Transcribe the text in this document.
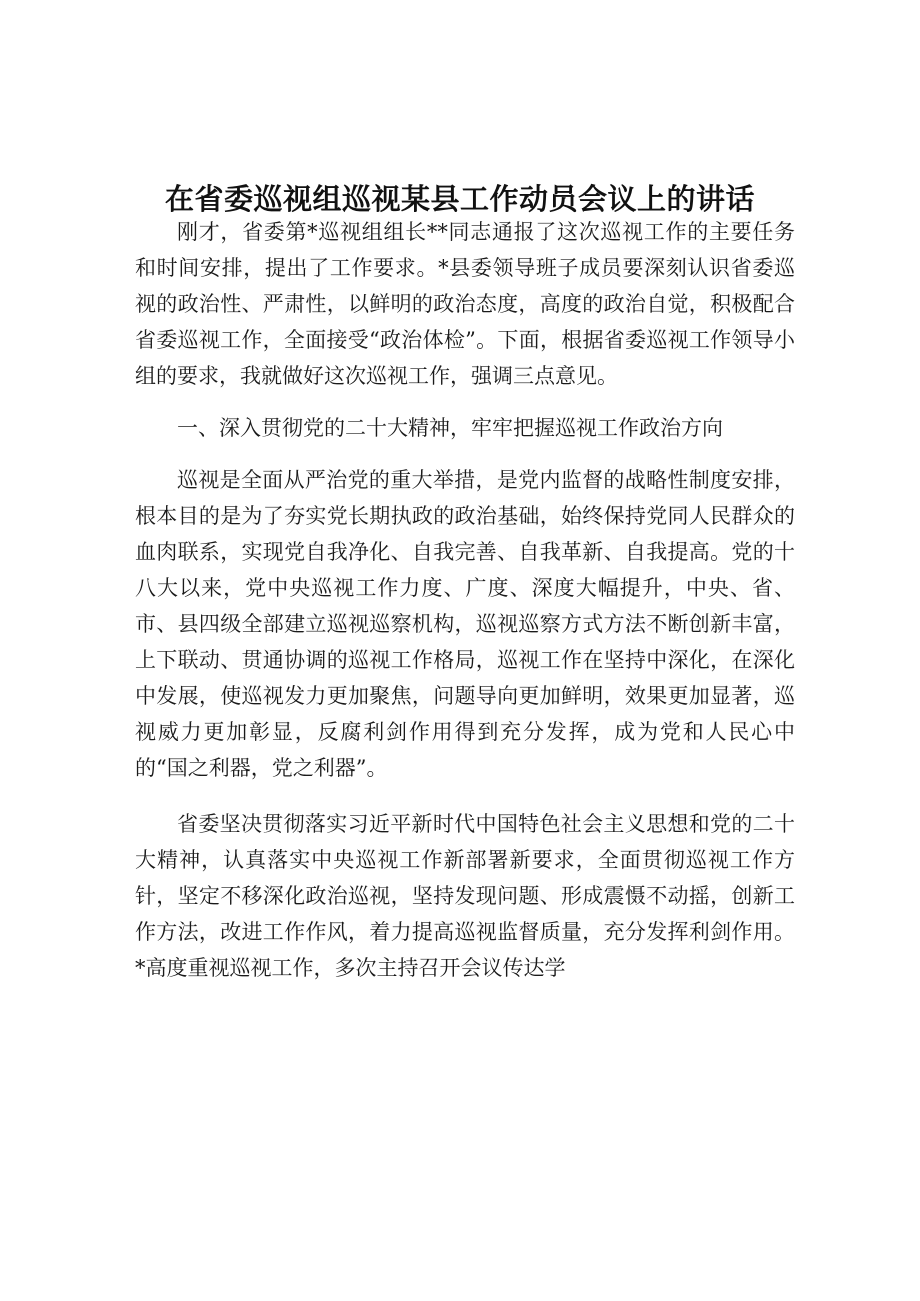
在省委巡视组巡视某县工作动员会议上的讲话

刚才，省委第*巡视组组长**同志通报了这次巡视工作的主要任务和时间安排，提出了工作要求。*县委领导班子成员要深刻认识省委巡视的政治性、严肃性，以鲜明的政治态度，高度的政治自觉，积极配合省委巡视工作，全面接受“政治体检”。下面，根据省委巡视工作领导小组的要求，我就做好这次巡视工作，强调三点意见。

一、深入贯彻党的二十大精神，牢牢把握巡视工作政治方向

巡视是全面从严治党的重大举措，是党内监督的战略性制度安排，根本目的是为了夯实党长期执政的政治基础，始终保持党同人民群众的血肉联系，实现党自我净化、自我完善、自我革新、自我提高。党的十八大以来，党中央巡视工作力度、广度、深度大幅提升，中央、省、市、县四级全部建立巡视巡察机构，巡视巡察方式方法不断创新丰富，上下联动、贯通协调的巡视工作格局，巡视工作在坚持中深化，在深化中发展，使巡视发力更加聚焦，问题导向更加鲜明，效果更加显著，巡视威力更加彰显，反腐利剑作用得到充分发挥，成为党和人民心中的“国之利器，党之利器”。

省委坚决贯彻落实习近平新时代中国特色社会主义思想和党的二十大精神，认真落实中央巡视工作新部署新要求，全面贯彻巡视工作方针，坚定不移深化政治巡视，坚持发现问题、形成震慑不动摇，创新工作方法，改进工作作风，着力提高巡视监督质量，充分发挥利剑作用。*高度重视巡视工作，多次主持召开会议传达学
